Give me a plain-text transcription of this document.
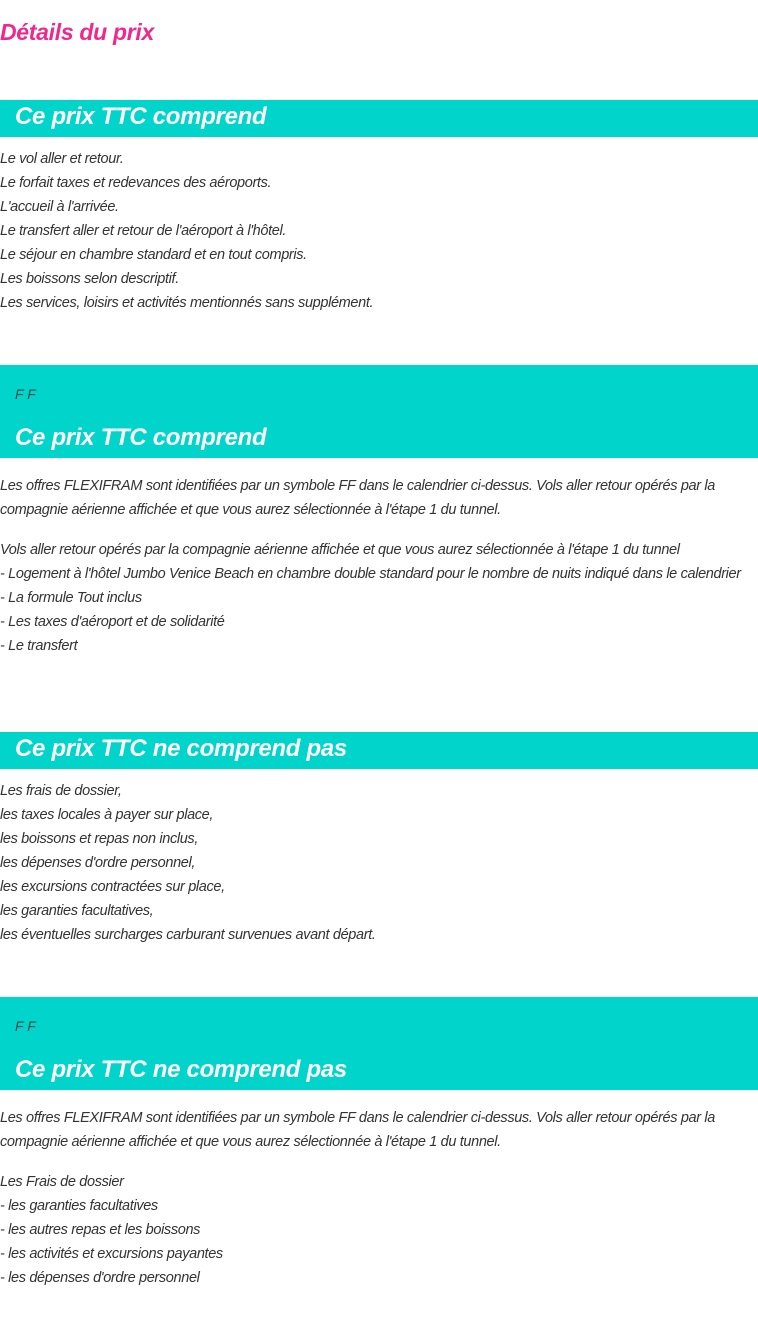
Détails du prix
Ce prix TTC comprend
Le vol aller et retour.
Le forfait taxes et redevances des aéroports.
L'accueil à l'arrivée.
Le transfert aller et retour de l'aéroport à l'hôtel.
Le séjour en chambre standard et en tout compris.
Les boissons selon descriptif.
Les services, loisirs et activités mentionnés sans supplément.
F F
Ce prix TTC comprend

Les offres FLEXIFRAM sont identifiées par un symbole FF dans le calendrier ci-dessus. Vols aller retour opérés par la compagnie aérienne affichée et que vous aurez sélectionnée à l'étape 1 du tunnel.

Vols aller retour opérés par la compagnie aérienne affichée et que vous aurez sélectionnée à l'étape 1 du tunnel
- Logement à l'hôtel Jumbo Venice Beach en chambre double standard pour le nombre de nuits indiqué dans le calendrier
- La formule Tout inclus
- Les taxes d'aéroport et de solidarité
- Le transfert
Ce prix TTC ne comprend pas
Les frais de dossier,
les taxes locales à payer sur place,
les boissons et repas non inclus,
les dépenses d'ordre personnel,
les excursions contractées sur place,
les garanties facultatives,
les éventuelles surcharges carburant survenues avant départ.
F F
Ce prix TTC ne comprend pas

Les offres FLEXIFRAM sont identifiées par un symbole FF dans le calendrier ci-dessus. Vols aller retour opérés par la compagnie aérienne affichée et que vous aurez sélectionnée à l'étape 1 du tunnel.

Les Frais de dossier
- les garanties facultatives
- les autres repas et les boissons
- les activités et excursions payantes
- les dépenses d'ordre personnel
